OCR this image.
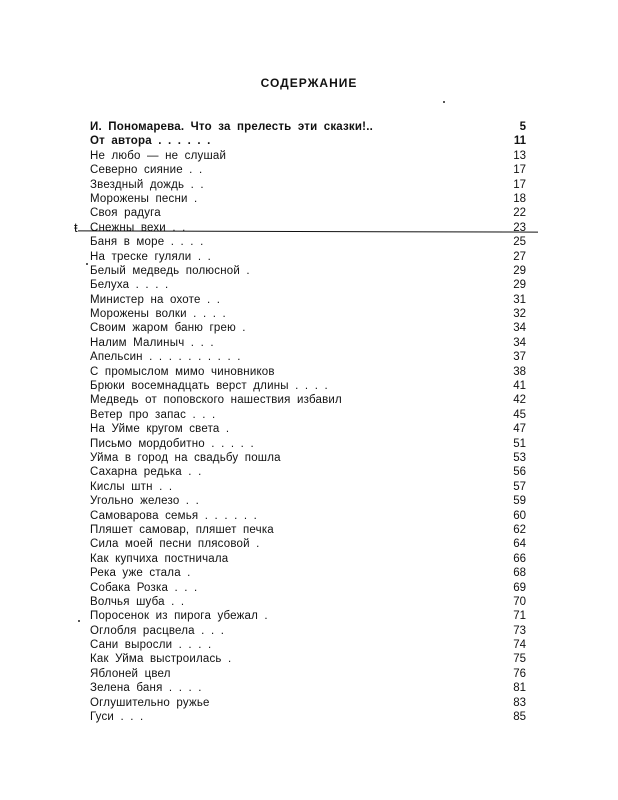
СОДЕРЖАНИЕ
ŧ
И. Пономарева. Что за прелесть эти сказки!..	5
От автора . . . . . .	11
Не любо — не слушай	13
Северно сияние . .	17
Звездный дождь . .	17
Морожены песни .	18
Своя радуга	22
Снежны вехи . .	23
Баня в море . . . .	25
На треске гуляли . .	27
Белый медведь полюсной .	29
Белуха . . . .	29
Министер на охоте . .	31
Морожены волки . . . .	32
Своим жаром баню грею .	34
Налим Малиныч . . .	34
Апельсин . . . . . . . . . .	37
С промыслом мимо чиновников	38
Брюки восемнадцать верст длины . . . .	41
Медведь от поповского нашествия избавил	42
Ветер про запас . . .	45
На Уйме кругом света .	47
Письмо мордобитно . . . . .	51
Уйма в город на свадьбу пошла	53
Сахарна редька . .	56
Кислы штн . .	57
Угольно железо . .	59
Самоварова семья . . . . . .	60
Пляшет самовар, пляшет печка	62
Сила моей песни плясовой .	64
Как купчиха постничала	66
Река уже стала .	68
Собака Розка . . .	69
Волчья шуба . .	70
Поросенок из пирога убежал .	71
Оглобля расцвела . . .	73
Сани выросли . . . .	74
Как Уйма выстроилась .	75
Яблоней цвел	76
Зелена баня . . . .	81
Оглушительно ружье	83
Гуси . . .	85
